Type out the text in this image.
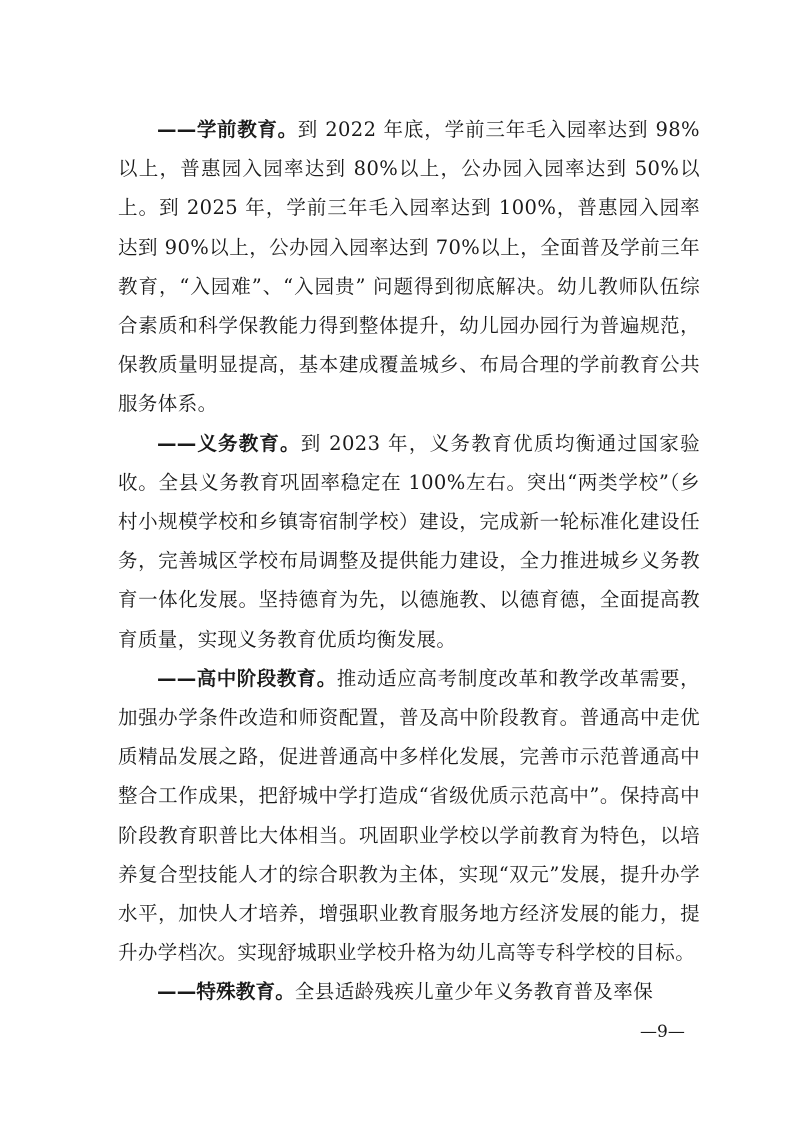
——学前教育。到 2022 年底，学前三年毛入园率达到 98%以上，普惠园入园率达到 80%以上，公办园入园率达到 50%以上。到 2025 年，学前三年毛入园率达到 100%，普惠园入园率达到 90%以上，公办园入园率达到 70%以上，全面普及学前三年教育，“入园难”、“入园贵” 问题得到彻底解决。幼儿教师队伍综合素质和科学保教能力得到整体提升，幼儿园办园行为普遍规范，保教质量明显提高，基本建成覆盖城乡、布局合理的学前教育公共服务体系。

——义务教育。到 2023 年，义务教育优质均衡通过国家验收。全县义务教育巩固率稳定在 100%左右。突出“两类学校”（乡村小规模学校和乡镇寄宿制学校）建设，完成新一轮标准化建设任务，完善城区学校布局调整及提供能力建设，全力推进城乡义务教育一体化发展。坚持德育为先，以德施教、以德育德，全面提高教育质量，实现义务教育优质均衡发展。

——高中阶段教育。推动适应高考制度改革和教学改革需要，加强办学条件改造和师资配置，普及高中阶段教育。普通高中走优质精品发展之路，促进普通高中多样化发展，完善市示范普通高中整合工作成果，把舒城中学打造成“省级优质示范高中”。保持高中阶段教育职普比大体相当。巩固职业学校以学前教育为特色，以培养复合型技能人才的综合职教为主体，实现“双元”发展，提升办学水平，加快人才培养，增强职业教育服务地方经济发展的能力，提升办学档次。实现舒城职业学校升格为幼儿高等专科学校的目标。

——特殊教育。全县适龄残疾儿童少年义务教育普及率保

—9—
